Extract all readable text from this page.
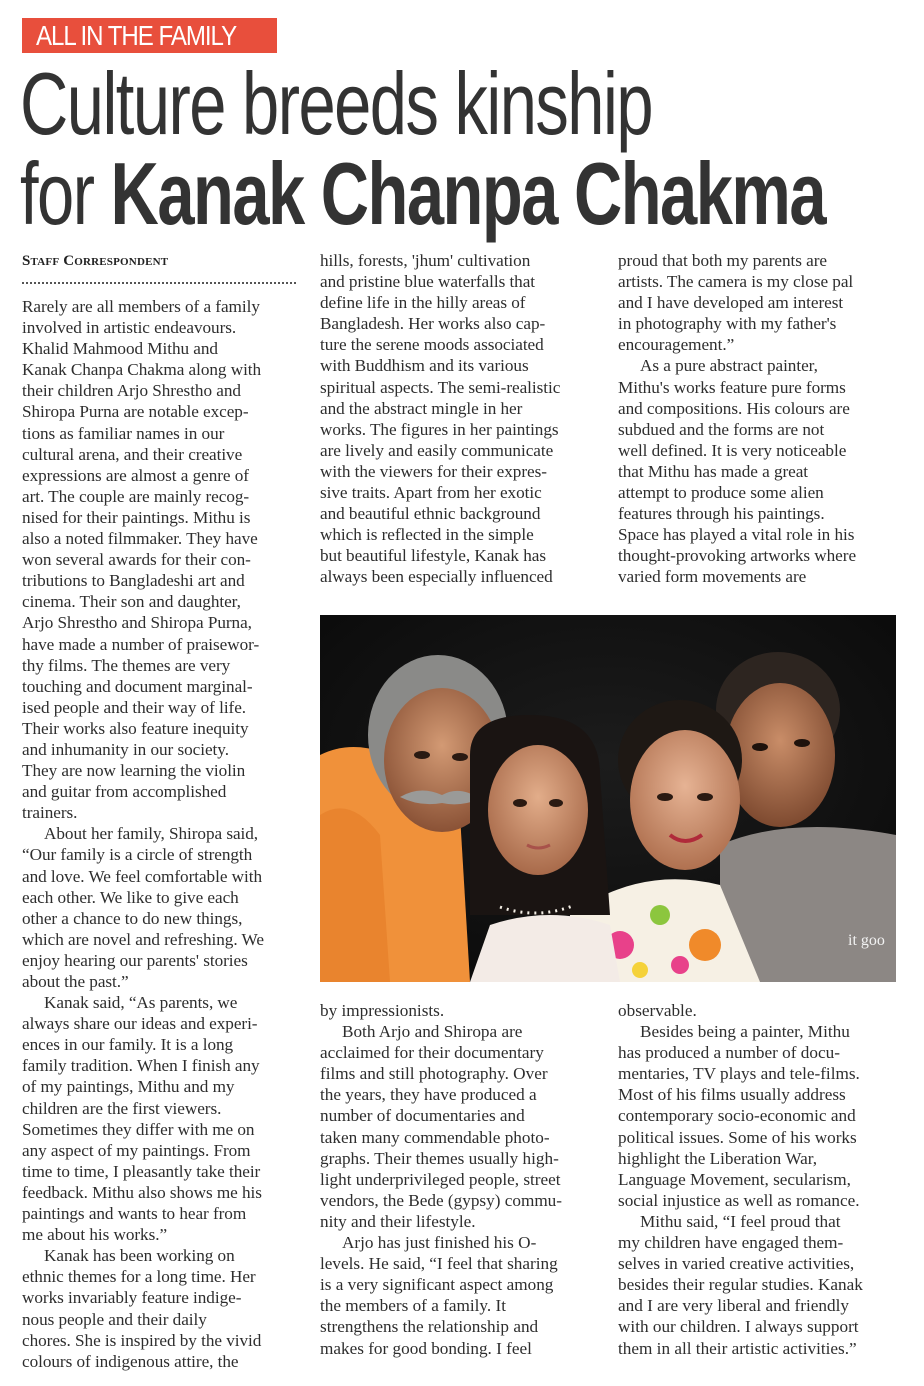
ALL IN THE FAMILY
Culture breeds kinship
for Kanak Chanpa Chakma
Staff Correspondent

Rarely are all members of a family
involved in artistic endeavours.
Khalid Mahmood Mithu and
Kanak Chanpa Chakma along with
their children Arjo Shrestho and
Shiropa Purna are notable excep-
tions as familiar names in our
cultural arena, and their creative
expressions are almost a genre of
art. The couple are mainly recog-
nised for their paintings. Mithu is
also a noted filmmaker. They have
won several awards for their con-
tributions to Bangladeshi art and
cinema. Their son and daughter,
Arjo Shrestho and Shiropa Purna,
have made a number of praisewor-
thy films. The themes are very
touching and document marginal-
ised people and their way of life.
Their works also feature inequity
and inhumanity in our society.
They are now learning the violin
and guitar from accomplished
trainers.

About her family, Shiropa said,
“Our family is a circle of strength
and love. We feel comfortable with
each other. We like to give each
other a chance to do new things,
which are novel and refreshing. We
enjoy hearing our parents' stories
about the past.”

Kanak said, “As parents, we
always share our ideas and experi-
ences in our family. It is a long
family tradition. When I finish any
of my paintings, Mithu and my
children are the first viewers.
Sometimes they differ with me on
any aspect of my paintings. From
time to time, I pleasantly take their
feedback. Mithu also shows me his
paintings and wants to hear from
me about his works.”

Kanak has been working on
ethnic themes for a long time. Her
works invariably feature indige-
nous people and their daily
chores. She is inspired by the vivid
colours of indigenous attire, the

hills, forests, 'jhum' cultivation
and pristine blue waterfalls that
define life in the hilly areas of
Bangladesh. Her works also cap-
ture the serene moods associated
with Buddhism and its various
spiritual aspects. The semi-realistic
and the abstract mingle in her
works. The figures in her paintings
are lively and easily communicate
with the viewers for their expres-
sive traits. Apart from her exotic
and beautiful ethnic background
which is reflected in the simple
but beautiful lifestyle, Kanak has
always been especially influenced

proud that both my parents are
artists. The camera is my close pal
and I have developed am interest
in photography with my father's
encouragement.”

As a pure abstract painter,
Mithu's works feature pure forms
and compositions. His colours are
subdued and the forms are not
well defined. It is very noticeable
that Mithu has made a great
attempt to produce some alien
features through his paintings.
Space has played a vital role in his
thought-provoking artworks where
varied form movements are

it goo

by impressionists.

Both Arjo and Shiropa are
acclaimed for their documentary
films and still photography. Over
the years, they have produced a
number of documentaries and
taken many commendable photo-
graphs. Their themes usually high-
light underprivileged people, street
vendors, the Bede (gypsy) commu-
nity and their lifestyle.

Arjo has just finished his O-
levels. He said, “I feel that sharing
is a very significant aspect among
the members of a family. It
strengthens the relationship and
makes for good bonding. I feel

observable.

Besides being a painter, Mithu
has produced a number of docu-
mentaries, TV plays and tele-films.
Most of his films usually address
contemporary socio-economic and
political issues. Some of his works
highlight the Liberation War,
Language Movement, secularism,
social injustice as well as romance.

Mithu said, “I feel proud that
my children have engaged them-
selves in varied creative activities,
besides their regular studies. Kanak
and I are very liberal and friendly
with our children. I always support
them in all their artistic activities.”
